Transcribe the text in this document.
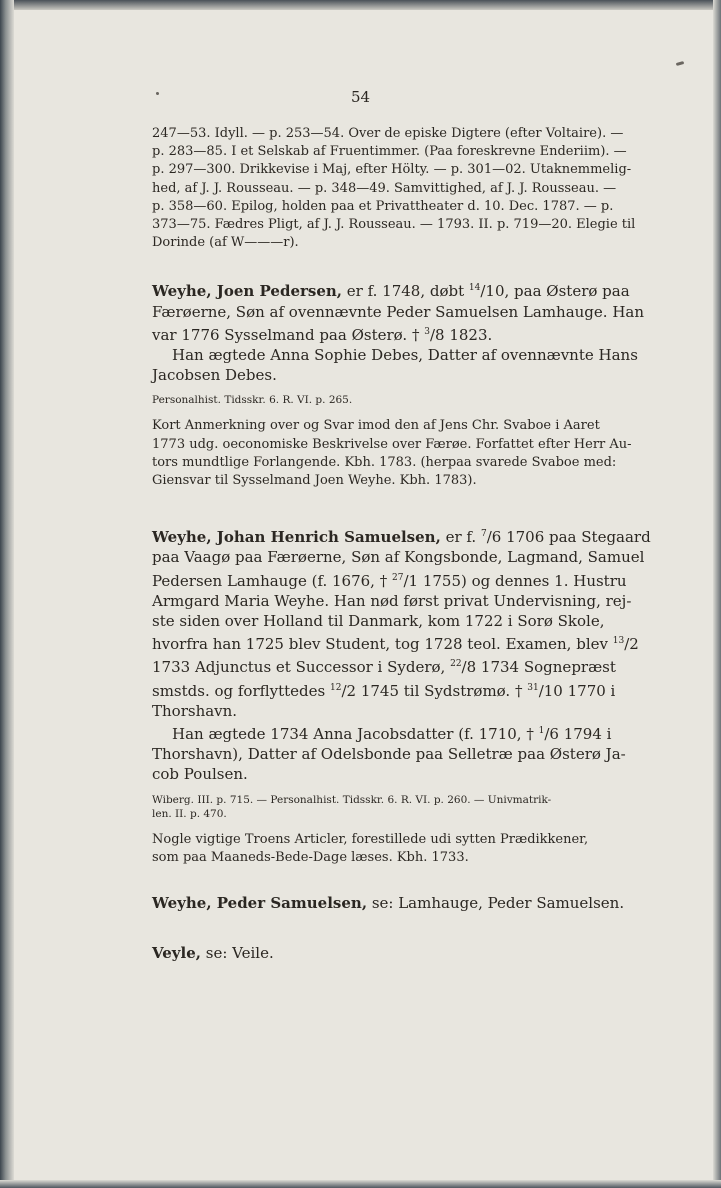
54
247—53. Idyll. — p. 253—54. Over de episke Digtere (efter Voltaire). —
p. 283—85. I et Selskab af Fruentimmer. (Paa foreskrevne Enderiim). —
p. 297—300. Drikkevise i Maj, efter Hölty. — p. 301—02. Utaknemmelig-
hed, af J. J. Rousseau. — p. 348—49. Samvittighed, af J. J. Rousseau. —
p. 358—60. Epilog, holden paa et Privattheater d. 10. Dec. 1787. — p.
373—75. Fædres Pligt, af J. J. Rousseau. — 1793. II. p. 719—20. Elegie til
Dorinde (af W———r).
Weyhe, Joen Pedersen, er f. 1748, døbt $^{14}$/10, paa Østerø paa
Færøerne, Søn af ovennævnte Peder Samuelsen Lamhauge. Han
var 1776 Sysselmand paa Østerø. † $^3$/8 1823.
Han ægtede Anna Sophie Debes, Datter af ovennævnte Hans
Jacobsen Debes.
Personalhist. Tidsskr. 6. R. VI. p. 265.
Kort Anmerkning over og Svar imod den af Jens Chr. Svaboe i Aaret
1773 udg. oeconomiske Beskrivelse over Færøe. Forfattet efter Herr Au-
tors mundtlige Forlangende. Kbh. 1783. (herpaa svarede Svaboe med:
Giensvar til Sysselmand Joen Weyhe. Kbh. 1783).
Weyhe, Johan Henrich Samuelsen, er f. $^7$/6 1706 paa Stegaard
paa Vaagø paa Færøerne, Søn af Kongsbonde, Lagmand, Samuel
Pedersen Lamhauge (f. 1676, † $^{27}$/1 1755) og dennes 1. Hustru
Armgard Maria Weyhe. Han nød først privat Undervisning, rej-
ste siden over Holland til Danmark, kom 1722 i Sorø Skole,
hvorfra han 1725 blev Student, tog 1728 teol. Examen, blev $^{13}$/2
1733 Adjunctus et Successor i Syderø, $^{22}$/8 1734 Sognepræst
smstds. og forflyttedes $^{12}$/2 1745 til Sydstrømø. † $^{31}$/10 1770 i
Thorshavn.
Han ægtede 1734 Anna Jacobsdatter (f. 1710, † $^1$/6 1794 i
Thorshavn), Datter af Odelsbonde paa Selletræ paa Østerø Ja-
cob Poulsen.
Wiberg. III. p. 715. — Personalhist. Tidsskr. 6. R. VI. p. 260. — Univmatrik-
len. II. p. 470.
Nogle vigtige Troens Articler, forestillede udi sytten Prædikkener,
som paa Maaneds-Bede-Dage læses. Kbh. 1733.
Weyhe, Peder Samuelsen, se: Lamhauge, Peder Samuelsen.
Veyle, se: Veile.
